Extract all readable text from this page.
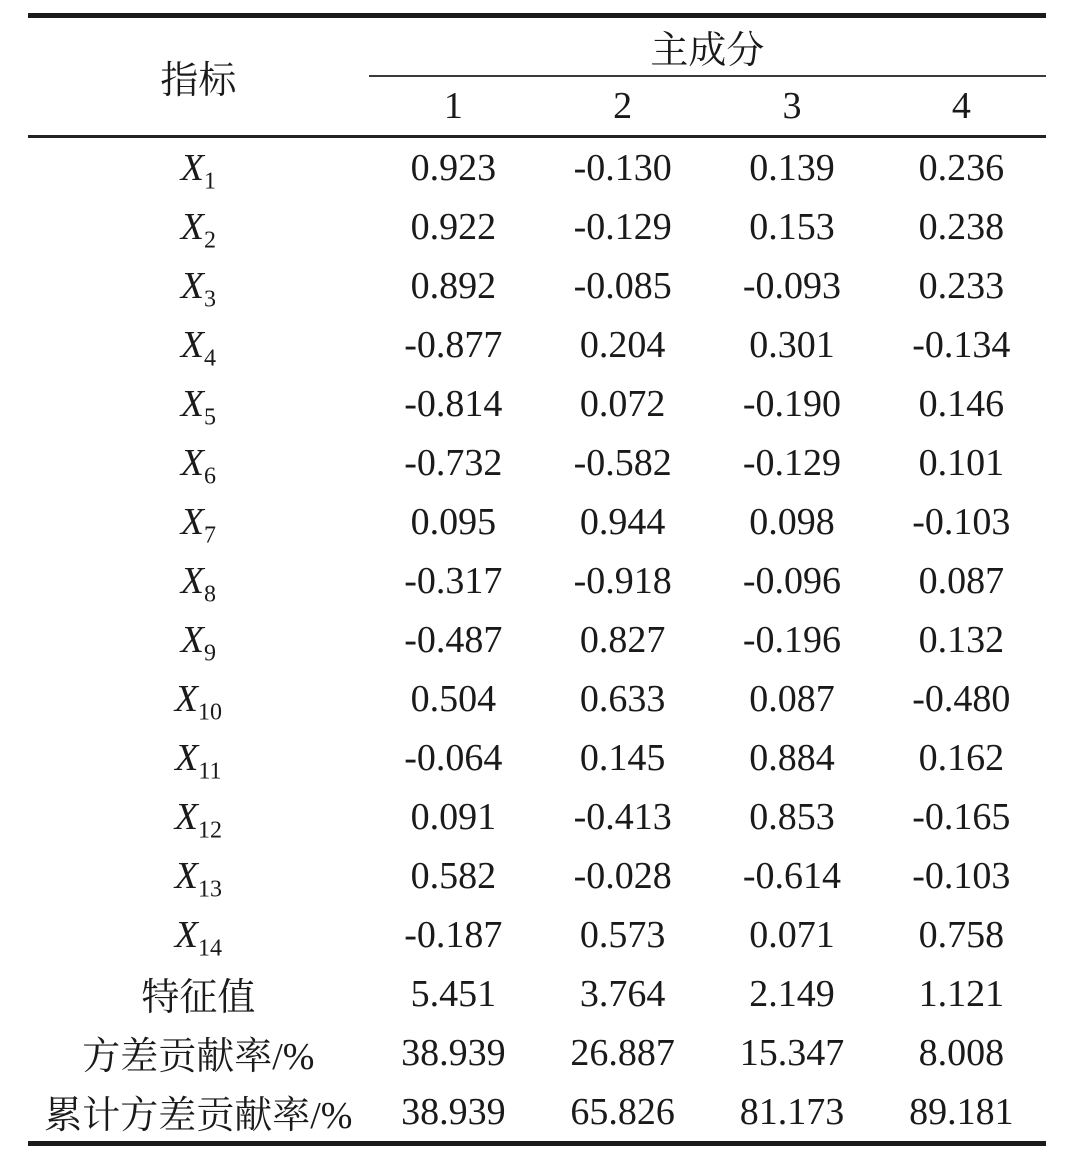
指标	主成分			
	1	2	3	4
$X_1$	0.923	-0.130	0.139	0.236
$X_2$	0.922	-0.129	0.153	0.238
$X_3$	0.892	-0.085	-0.093	0.233
$X_4$	-0.877	0.204	0.301	-0.134
$X_5$	-0.814	0.072	-0.190	0.146
$X_6$	-0.732	-0.582	-0.129	0.101
$X_7$	0.095	0.944	0.098	-0.103
$X_8$	-0.317	-0.918	-0.096	0.087
$X_9$	-0.487	0.827	-0.196	0.132
$X_{10}$	0.504	0.633	0.087	-0.480
$X_{11}$	-0.064	0.145	0.884	0.162
$X_{12}$	0.091	-0.413	0.853	-0.165
$X_{13}$	0.582	-0.028	-0.614	-0.103
$X_{14}$	-0.187	0.573	0.071	0.758
特征值	5.451	3.764	2.149	1.121
方差贡献率/%	38.939	26.887	15.347	8.008
累计方差贡献率/%	38.939	65.826	81.173	89.181
